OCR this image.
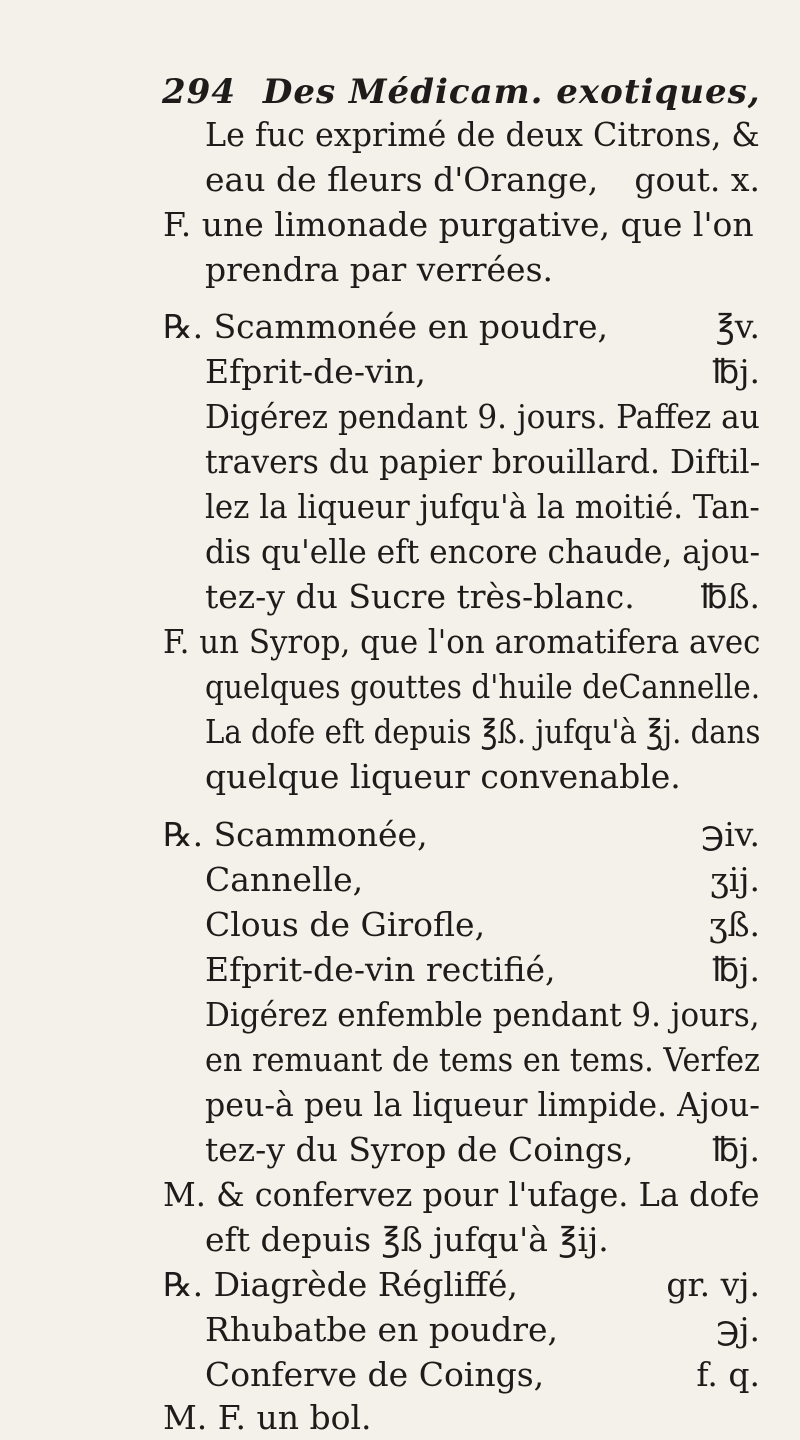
294 Des Médicam. exotiques,
Le fuc exprimé de deux Citrons, &
eau de fleurs d'Orange, gout. x.
F. une limonade purgative, que l'on
prendra par verrées.
℞. Scammonée en poudre,	℥v.
Efprit-de-vin,	℔j.
Digérez pendant 9. jours. Paffez au
travers du papier brouillard. Diftil-
lez la liqueur jufqu'à la moitié. Tan-
dis qu'elle eft encore chaude, ajou-
tez-y du Sucre très-blanc. ℔ß.
F. un Syrop, que l'on aromatifera avec
quelques gouttes d'huile deCannelle.
La dofe eft depuis ℥ß. jufqu'à ℥j. dans
quelque liqueur convenable.
℞. Scammonée,	℈iv.
Cannelle,	ʒij.
Clous de Girofle,	ʒß.
Efprit-de-vin rectifié,	℔j.
Digérez enfemble pendant 9. jours,
en remuant de tems en tems. Verfez
peu-à peu la liqueur limpide. Ajou-
tez-y du Syrop de Coings, ℔j.
M. & confervez pour l'ufage. La dofe
eft depuis ℥ß jufqu'à ℥ij.
℞. Diagrède Régliffé,	gr. vj.
Rhubatbe en poudre,	℈j.
Conferve de Coings,	f. q.
M. F. un bol.
